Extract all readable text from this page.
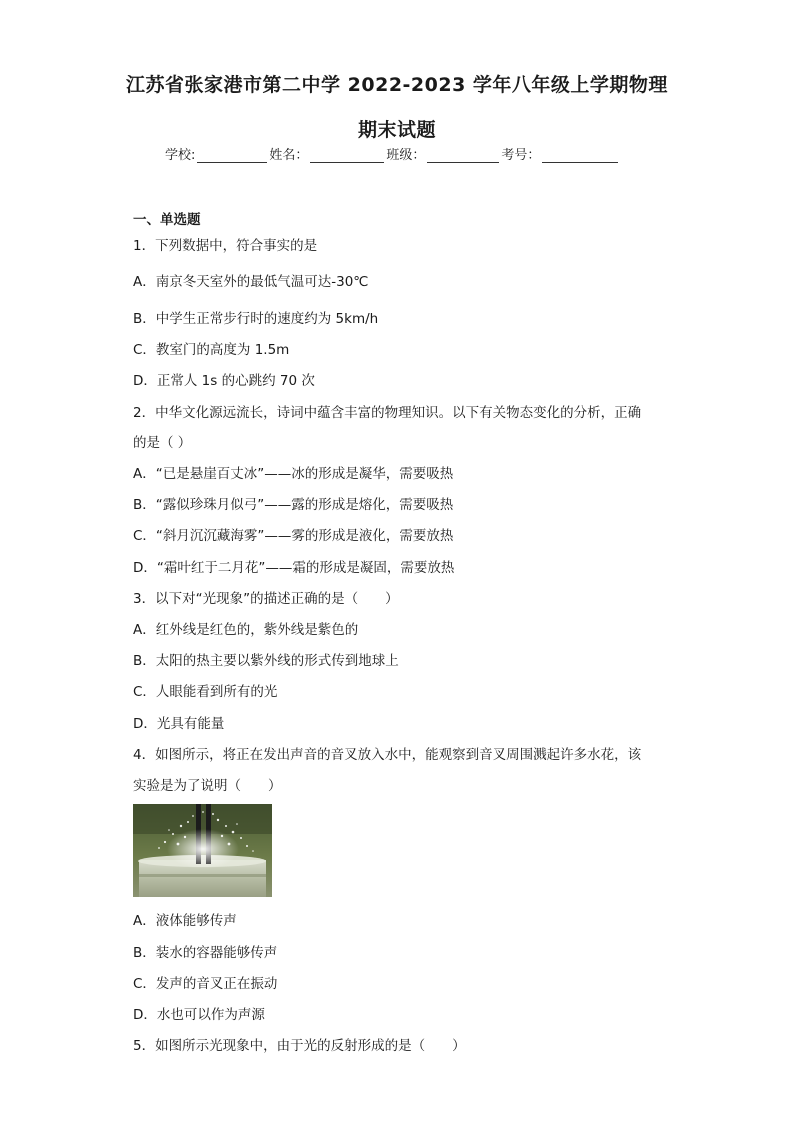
江苏省张家港市第二中学 2022-2023 学年八年级上学期物理
期末试题
学校:	姓名：	班级：	考号：
一、单选题
1．下列数据中，符合事实的是
A．南京冬天室外的最低气温可达-30℃
B．中学生正常步行时的速度约为 5km/h
C．教室门的高度为 1.5m
D．正常人 1s 的心跳约 70 次
2．中华文化源远流长，诗词中蕴含丰富的物理知识。以下有关物态变化的分析，正确
的是（ ）
A．“已是悬崖百丈冰”——冰的形成是凝华，需要吸热
B．“露似珍珠月似弓”——露的形成是熔化，需要吸热
C．“斜月沉沉藏海雾”——雾的形成是液化，需要放热
D．“霜叶红于二月花”——霜的形成是凝固，需要放热
3．以下对“光现象”的描述正确的是（　　）
A．红外线是红色的，紫外线是紫色的
B．太阳的热主要以紫外线的形式传到地球上
C．人眼能看到所有的光
D．光具有能量
4．如图所示，将正在发出声音的音叉放入水中，能观察到音叉周围溅起许多水花，该
实验是为了说明（　　）
A．液体能够传声
B．装水的容器能够传声
C．发声的音叉正在振动
D．水也可以作为声源
5．如图所示光现象中，由于光的反射形成的是（　　）
